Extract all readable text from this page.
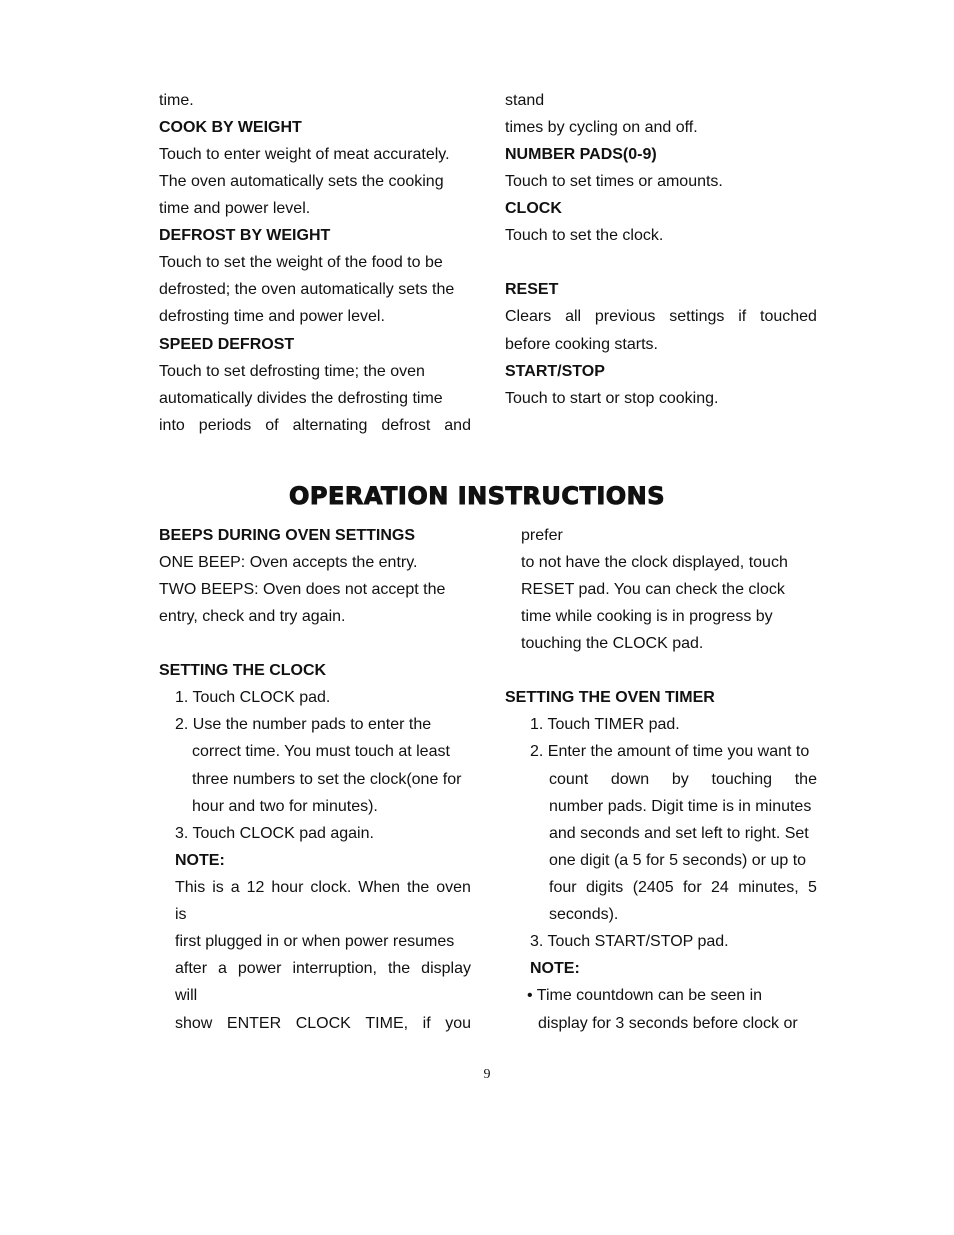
time.
COOK BY WEIGHT
Touch to enter weight of meat accurately.
The oven automatically sets the cooking
time and power level.
DEFROST BY WEIGHT
Touch to set the weight of the food to be
defrosted; the oven automatically sets the
defrosting time and power level.
SPEED DEFROST
Touch to set defrosting time; the oven
automatically divides the defrosting time
into periods of alternating defrost and
stand
times by cycling on and off.
NUMBER PADS(0-9)
Touch to set times or amounts.
CLOCK
Touch to set the clock.
RESET
Clears all previous settings if touched
before cooking starts.
START/STOP
Touch to start or stop cooking.
OPERATION INSTRUCTIONS
BEEPS DURING OVEN SETTINGS
ONE BEEP: Oven accepts the entry.
TWO BEEPS: Oven does not accept the
entry, check and try again.
SETTING THE CLOCK
1. Touch CLOCK pad.
2. Use the number pads to enter the
correct time. You must touch at least
three numbers to set the clock(one for
hour and two for minutes).
3. Touch CLOCK pad again.
NOTE:
This is a 12 hour clock. When the oven
is
first plugged in or when power resumes
after a power interruption, the display
will
show ENTER CLOCK TIME, if you
prefer
to not have the clock displayed, touch
RESET pad. You can check the clock
time while cooking is in progress by
touching the CLOCK pad.
SETTING THE OVEN TIMER
1. Touch TIMER pad.
2. Enter the amount of time you want to
count down by touching the
number pads. Digit time is in minutes
and seconds and set left to right. Set
one digit (a 5 for 5 seconds) or up to
four digits (2405 for 24 minutes, 5
seconds).
3. Touch START/STOP pad.
NOTE:
• Time countdown can be seen in
display for 3 seconds before clock or
9
